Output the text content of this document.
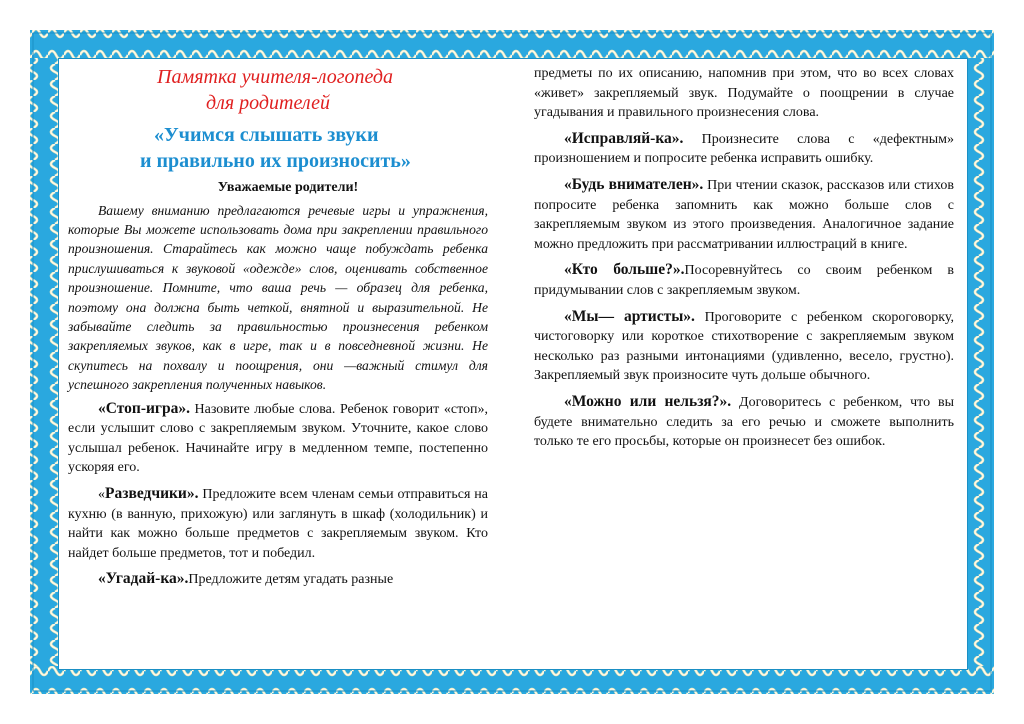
Памятка учителя-логопеда
для родителей
«Учимся слышать звуки
и правильно их произносить»
Уважаемые родители!

Вашему вниманию предлагаются речевые игры и упражнения, которые Вы можете использовать дома при закреплении правильного произношения. Старайтесь как можно чаще побуждать ребенка прислушиваться к звуковой «одежде» слов, оценивать собственное произношение. Помните, что ваша речь — образец для ребенка, поэтому она должна быть четкой, внятной и выразительной. Не забывайте следить за правильностью произнесения ребенком закрепляемых звуков, как в игре, так и в повседневной жизни. Не скупитесь на похвалу и поощрения, они —важный стимул для успешного закрепления полученных навыков.

«Стоп-игра». Назовите любые слова. Ребенок говорит «стоп», если услышит слово с закрепляемым звуком. Уточните, какое слово услышал ребенок. Начинайте игру в медленном темпе, постепенно ускоряя его.

«Разведчики». Предложите всем членам семьи отправиться на кухню (в ванную, прихожую) или заглянуть в шкаф (холодильник) и найти как можно больше предметов с закрепляемым звуком. Кто найдет больше предметов, тот и победил.

«Угадай-ка».Предложите детям угадать разные

предметы по их описанию, напомнив при этом, что во всех словах «живет» закрепляемый звук. Подумайте о поощрении в случае угадывания и правильного произнесения слова.

«Исправляй-ка». Произнесите слова с «дефектным» произношением и попросите ребенка исправить ошибку.

«Будь внимателен». При чтении сказок, рассказов или стихов попросите ребенка запомнить как можно больше слов с закрепляемым звуком из этого произведения. Аналогичное задание можно предложить при рассматривании иллюстраций в книге.

«Кто больше?».Посоревнуйтесь со своим ребенком в придумывании слов с закрепляемым звуком.

«Мы— артисты». Проговорите с ребенком скороговорку, чистоговорку или короткое стихотворение с закрепляемым звуком несколько раз разными интонациями (удивленно, весело, грустно). Закрепляемый звук произносите чуть дольше обычного.

«Можно или нельзя?». Договоритесь с ребенком, что вы будете внимательно следить за его речью и сможете выполнить только те его просьбы, которые он произнесет без ошибок.
